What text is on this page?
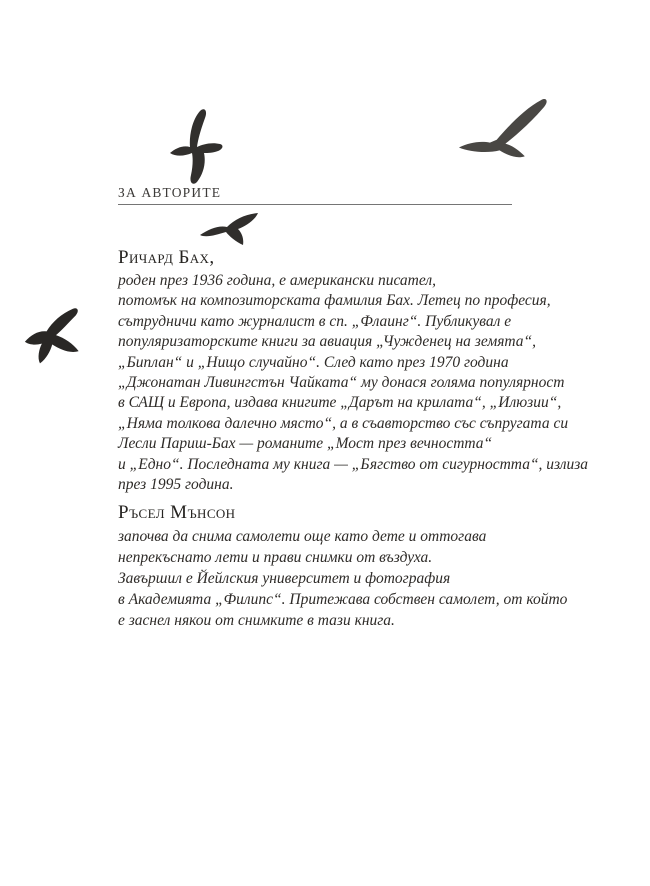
ЗА АВТОРИТЕ
Ричард Бах,
роден през 1936 година, е американски писател,
потомък на композиторската фамилия Бах. Летец по професия,
сътрудничи като журналист в сп. „Флаинг“. Публикувал е
популяризаторските книги за авиация „Чужденец на земята“,
„Биплан“ и „Нищо случайно“. След като през 1970 година
„Джонатан Ливингстън Чайката“ му донася голяма популярност
в САЩ и Европа, издава книгите „Дарът на крилата“, „Илюзии“,
„Няма толкова далечно място“, а в съавторство със съпругата си
Лесли Париш-Бах — романите „Мост през вечността“
и „Едно“. Последната му книга — „Бягство от сигурността“, излиза
през 1995 година.
Ръсел Мънсон
започва да снима самолети още като дете и оттогава
непрекъснато лети и прави снимки от въздуха.
Завършил е Йейлския университет и фотография
в Академията „Филипс“. Притежава собствен самолет, от който
е заснел някои от снимките в тази книга.
